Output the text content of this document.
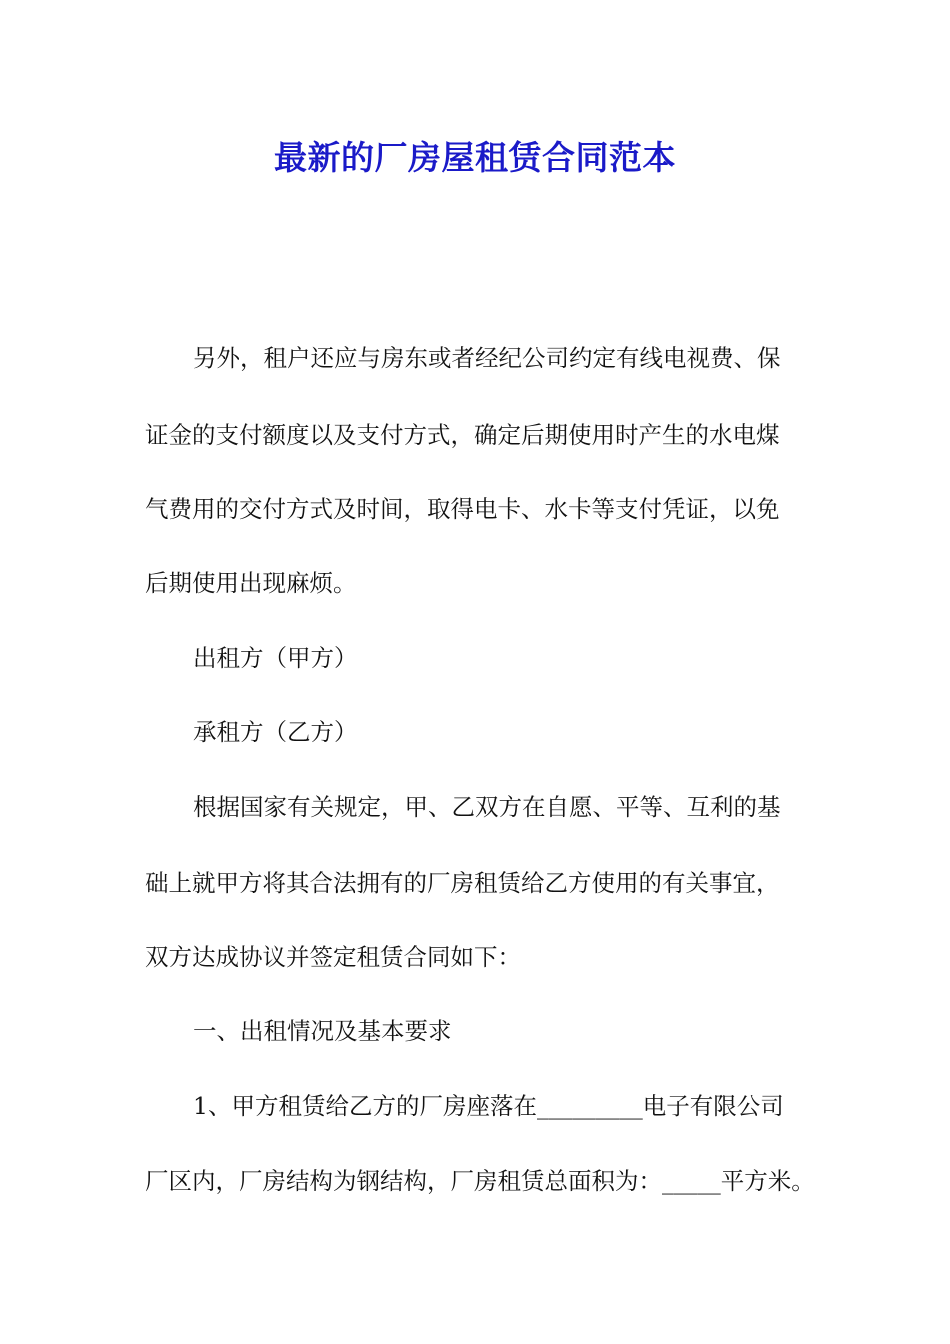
最新的厂房屋租赁合同范本
另外，租户还应与房东或者经纪公司约定有线电视费、保
证金的支付额度以及支付方式，确定后期使用时产生的水电煤
气费用的交付方式及时间，取得电卡、水卡等支付凭证，以免
后期使用出现麻烦。
出租方（甲方）
承租方（乙方）
根据国家有关规定，甲、乙双方在自愿、平等、互利的基
础上就甲方将其合法拥有的厂房租赁给乙方使用的有关事宜，
双方达成协议并签定租赁合同如下：
一、出租情况及基本要求
1、甲方租赁给乙方的厂房座落在_________电子有限公司
厂区内，厂房结构为钢结构，厂房租赁总面积为：_____平方米。
